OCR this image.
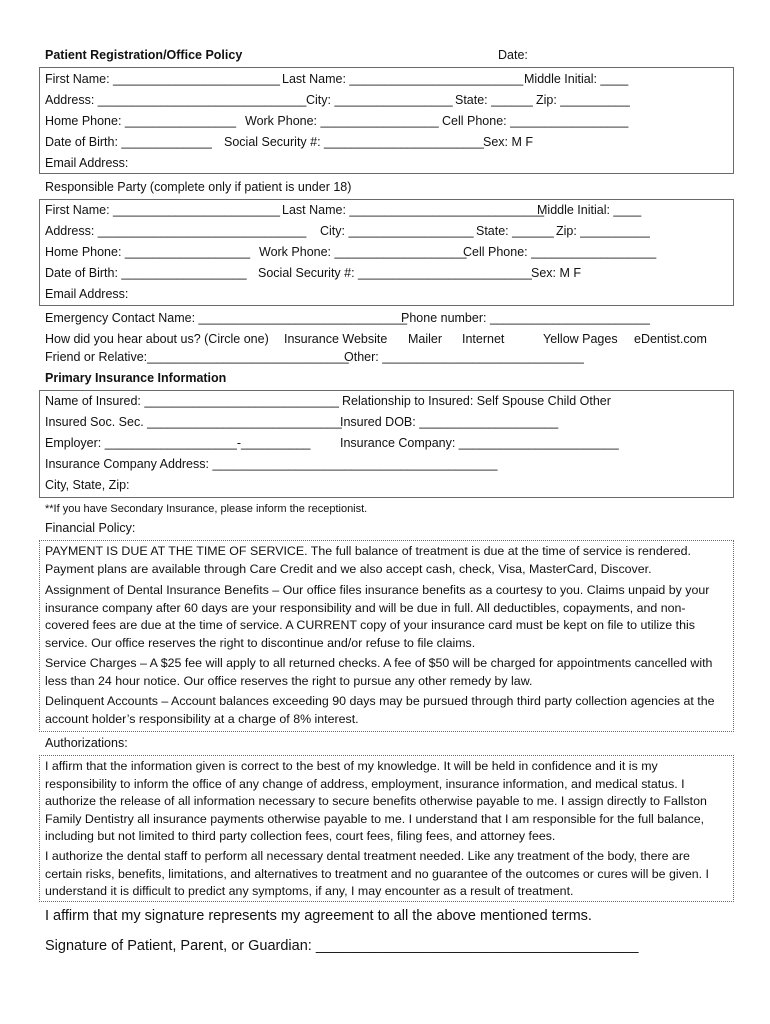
Patient Registration/Office Policy	Date:
First Name: ________________________ Last Name: _________________________ Middle Initial: ____
Address: ______________________________ City: _________________ State: ______ Zip: __________
Home Phone: ________________ Work Phone: _________________ Cell Phone: _________________
Date of Birth: _____________ Social Security #: _______________________ Sex: M F
Email Address:
Responsible Party (complete only if patient is under 18)
First Name: ________________________ Last Name: ____________________________
Middle Initial: ____
Address: ______________________________ City: __________________ State: ______ Zip: __________
Home Phone: __________________ Work Phone: ___________________
Cell Phone: __________________
Date of Birth: __________________ Social Security #: _________________________ Sex: M F
Email Address:
Emergency Contact Name: ______________________________
Phone number: _______________________
How did you hear about us? (Circle one) Insurance Website Mailer Internet	Yellow Pages eDentist.com
Friend or Relative:_____________________________
Other: _____________________________
Primary Insurance Information
Name of Insured: ____________________________ Relationship to Insured: Self Spouse Child Other
Insured Soc. Sec. ____________________________
Insured DOB: ____________________
Employer: ___________________-__________ Insurance Company: _______________________
Insurance Company Address: _________________________________________
City, State, Zip:
**If you have Secondary Insurance, please inform the receptionist.
Financial Policy:
PAYMENT IS DUE AT THE TIME OF SERVICE. The full balance of treatment is due at the time of service is rendered. Payment plans are available through Care Credit and we also accept cash, check, Visa, MasterCard, Discover.
Assignment of Dental Insurance Benefits – Our office files insurance benefits as a courtesy to you. Claims unpaid by your insurance company after 60 days are your responsibility and will be due in full. All deductibles, copayments, and non-covered fees are due at the time of service. A CURRENT copy of your insurance card must be kept on file to utilize this service. Our office reserves the right to discontinue and/or refuse to file claims.
Service Charges – A $25 fee will apply to all returned checks. A fee of $50 will be charged for appointments cancelled with less than 24 hour notice. Our office reserves the right to pursue any other remedy by law.
Delinquent Accounts – Account balances exceeding 90 days may be pursued through third party collection agencies at the account holder’s responsibility at a charge of 8% interest.
Authorizations:
I affirm that the information given is correct to the best of my knowledge. It will be held in confidence and it is my responsibility to inform the office of any change of address, employment, insurance information, and medical status. I authorize the release of all information necessary to secure benefits otherwise payable to me. I assign directly to Fallston Family Dentistry all insurance payments otherwise payable to me. I understand that I am responsible for the full balance, including but not limited to third party collection fees, court fees, filing fees, and attorney fees.
I authorize the dental staff to perform all necessary dental treatment needed. Like any treatment of the body, there are certain risks, benefits, limitations, and alternatives to treatment and no guarantee of the outcomes or cures will be given. I understand it is difficult to predict any symptoms, if any, I may encounter as a result of treatment.
I affirm that my signature represents my agreement to all the above mentioned terms.
Signature of Patient, Parent, or Guardian: ________________________________________
